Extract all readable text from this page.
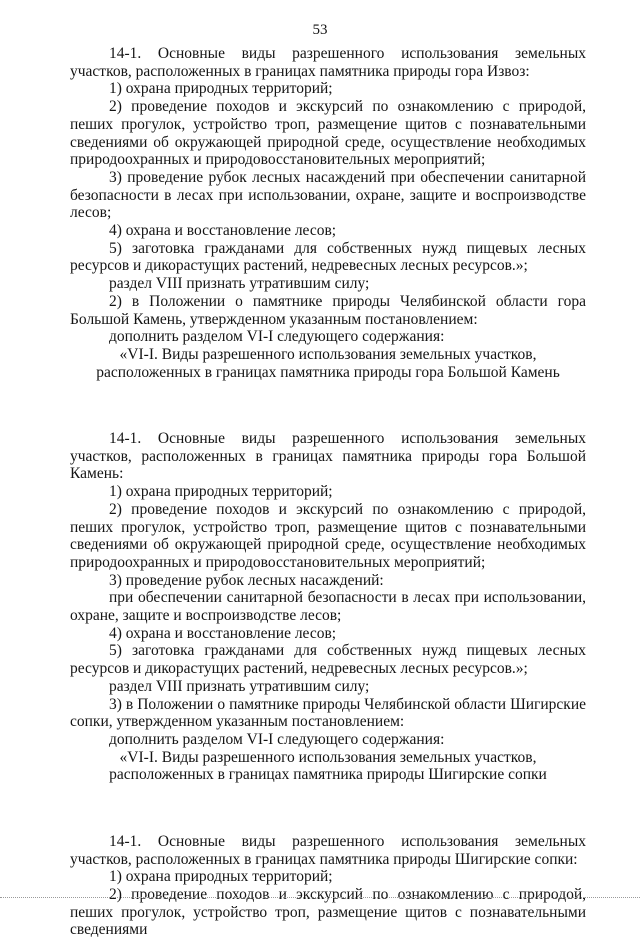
53

14-1. Основные виды разрешенного использования земельных участков, расположенных в границах памятника природы гора Извоз:

1) охрана природных территорий;

2) проведение походов и экскурсий по ознакомлению с природой, пеших прогулок, устройство троп, размещение щитов с познавательными сведениями об окружающей природной среде, осуществление необходимых природоохранных и природовосстановительных мероприятий;

3) проведение рубок лесных насаждений при обеспечении санитарной безопасности в лесах при использовании, охране, защите и воспроизводстве лесов;

4) охрана и восстановление лесов;

5) заготовка гражданами для собственных нужд пищевых лесных ресурсов и дикорастущих растений, недревесных лесных ресурсов.»;

раздел VIII признать утратившим силу;

2) в Положении о памятнике природы Челябинской области гора Большой Камень, утвержденном указанным постановлением:

дополнить разделом VI-I следующего содержания:

«VI-I. Виды разрешенного использования земельных участков,

расположенных в границах памятника природы гора Большой Камень

14-1. Основные виды разрешенного использования земельных участков, расположенных в границах памятника природы гора Большой Камень:

1) охрана природных территорий;

2) проведение походов и экскурсий по ознакомлению с природой, пеших прогулок, устройство троп, размещение щитов с познавательными сведениями об окружающей природной среде, осуществление необходимых природоохранных и природовосстановительных мероприятий;

3) проведение рубок лесных насаждений:

при обеспечении санитарной безопасности в лесах при использовании, охране, защите и воспроизводстве лесов;

4) охрана и восстановление лесов;

5) заготовка гражданами для собственных нужд пищевых лесных ресурсов и дикорастущих растений, недревесных лесных ресурсов.»;

раздел VIII признать утратившим силу;

3) в Положении о памятнике природы Челябинской области Шигирские сопки, утвержденном указанным постановлением:

дополнить разделом VI-I следующего содержания:

«VI-I. Виды разрешенного использования земельных участков,

расположенных в границах памятника природы Шигирские сопки

14-1. Основные виды разрешенного использования земельных участков, расположенных в границах памятника природы Шигирские сопки:

1) охрана природных территорий;

2) проведение походов и экскурсий по ознакомлению с природой, пеших прогулок, устройство троп, размещение щитов с познавательными сведениями
